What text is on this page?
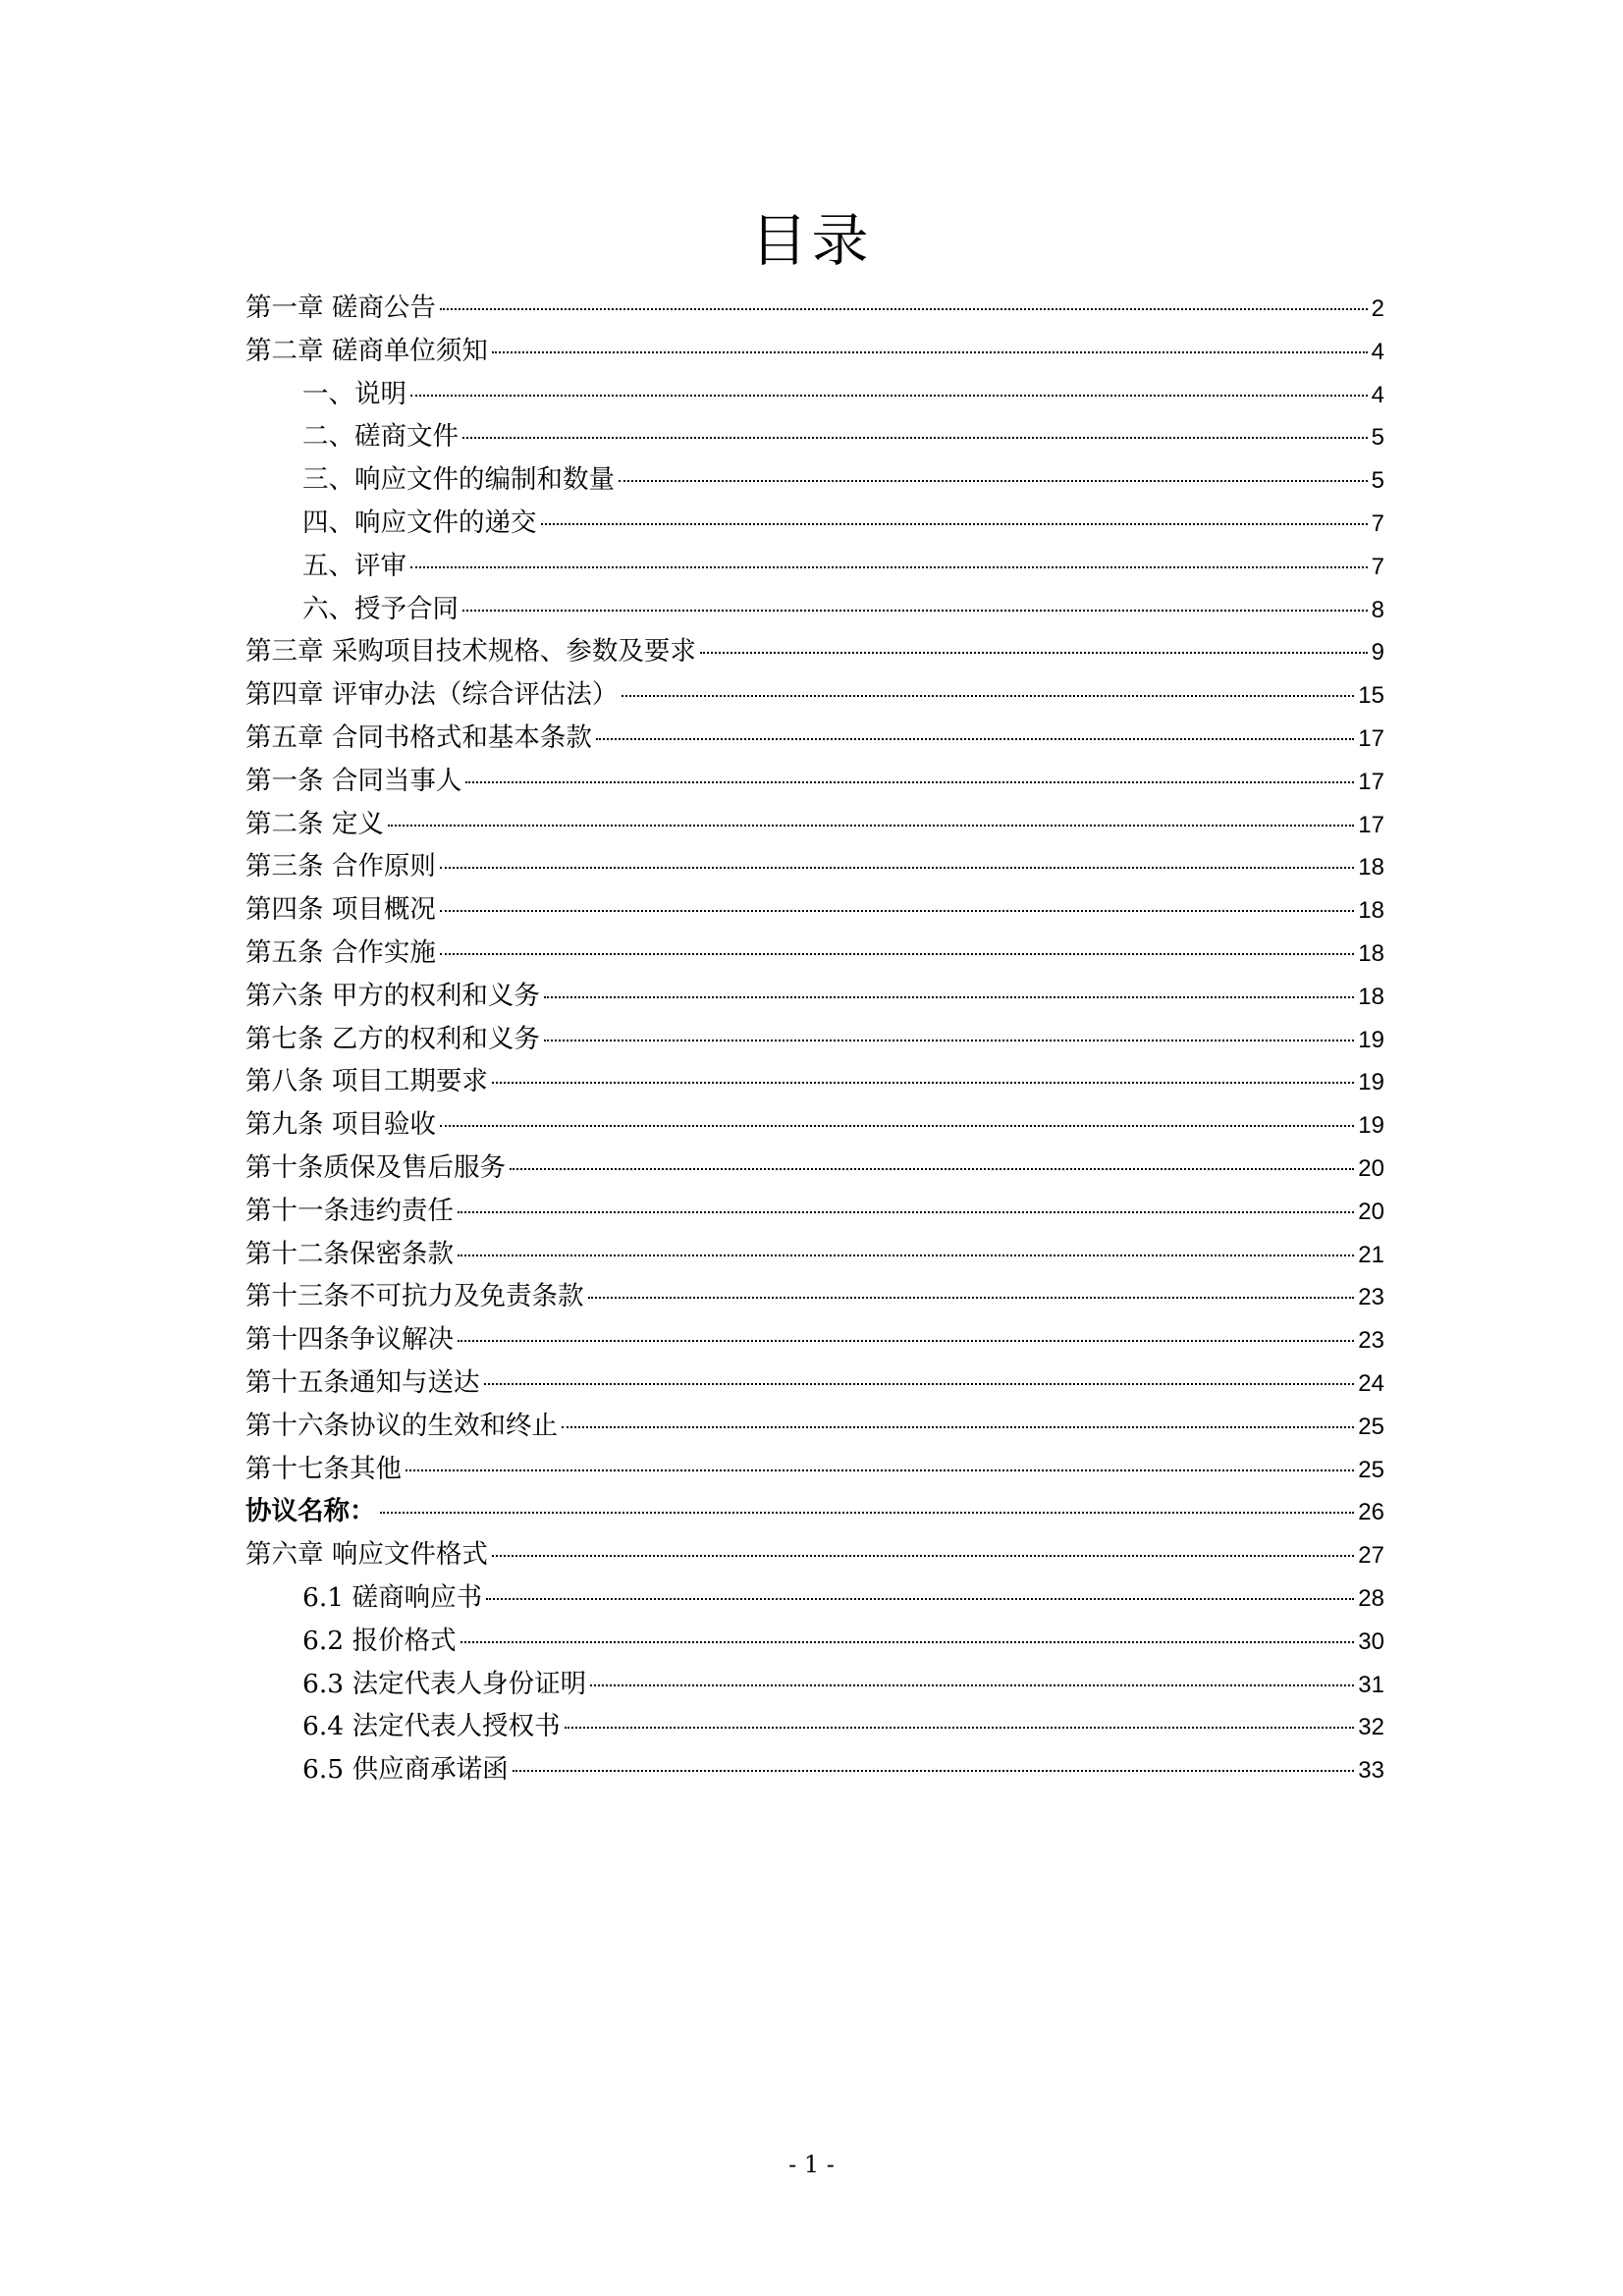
目录
第一章 磋商公告	2
第二章 磋商单位须知	4
一、说明	4
二、磋商文件	5
三、响应文件的编制和数量	5
四、响应文件的递交	7
五、评审	7
六、授予合同	8
第三章 采购项目技术规格、参数及要求	9
第四章 评审办法（综合评估法）	15
第五章 合同书格式和基本条款	17
第一条 合同当事人	17
第二条 定义	17
第三条 合作原则	18
第四条 项目概况	18
第五条 合作实施	18
第六条 甲方的权利和义务	18
第七条 乙方的权利和义务	19
第八条 项目工期要求	19
第九条 项目验收	19
第十条质保及售后服务	20
第十一条违约责任	20
第十二条保密条款	21
第十三条不可抗力及免责条款	23
第十四条争议解决	23
第十五条通知与送达	24
第十六条协议的生效和终止	25
第十七条其他	25
协议名称：	26
第六章 响应文件格式	27
6.1 磋商响应书	28
6.2 报价格式	30
6.3 法定代表人身份证明	31
6.4 法定代表人授权书	32
6.5 供应商承诺函	33
- 1 -
